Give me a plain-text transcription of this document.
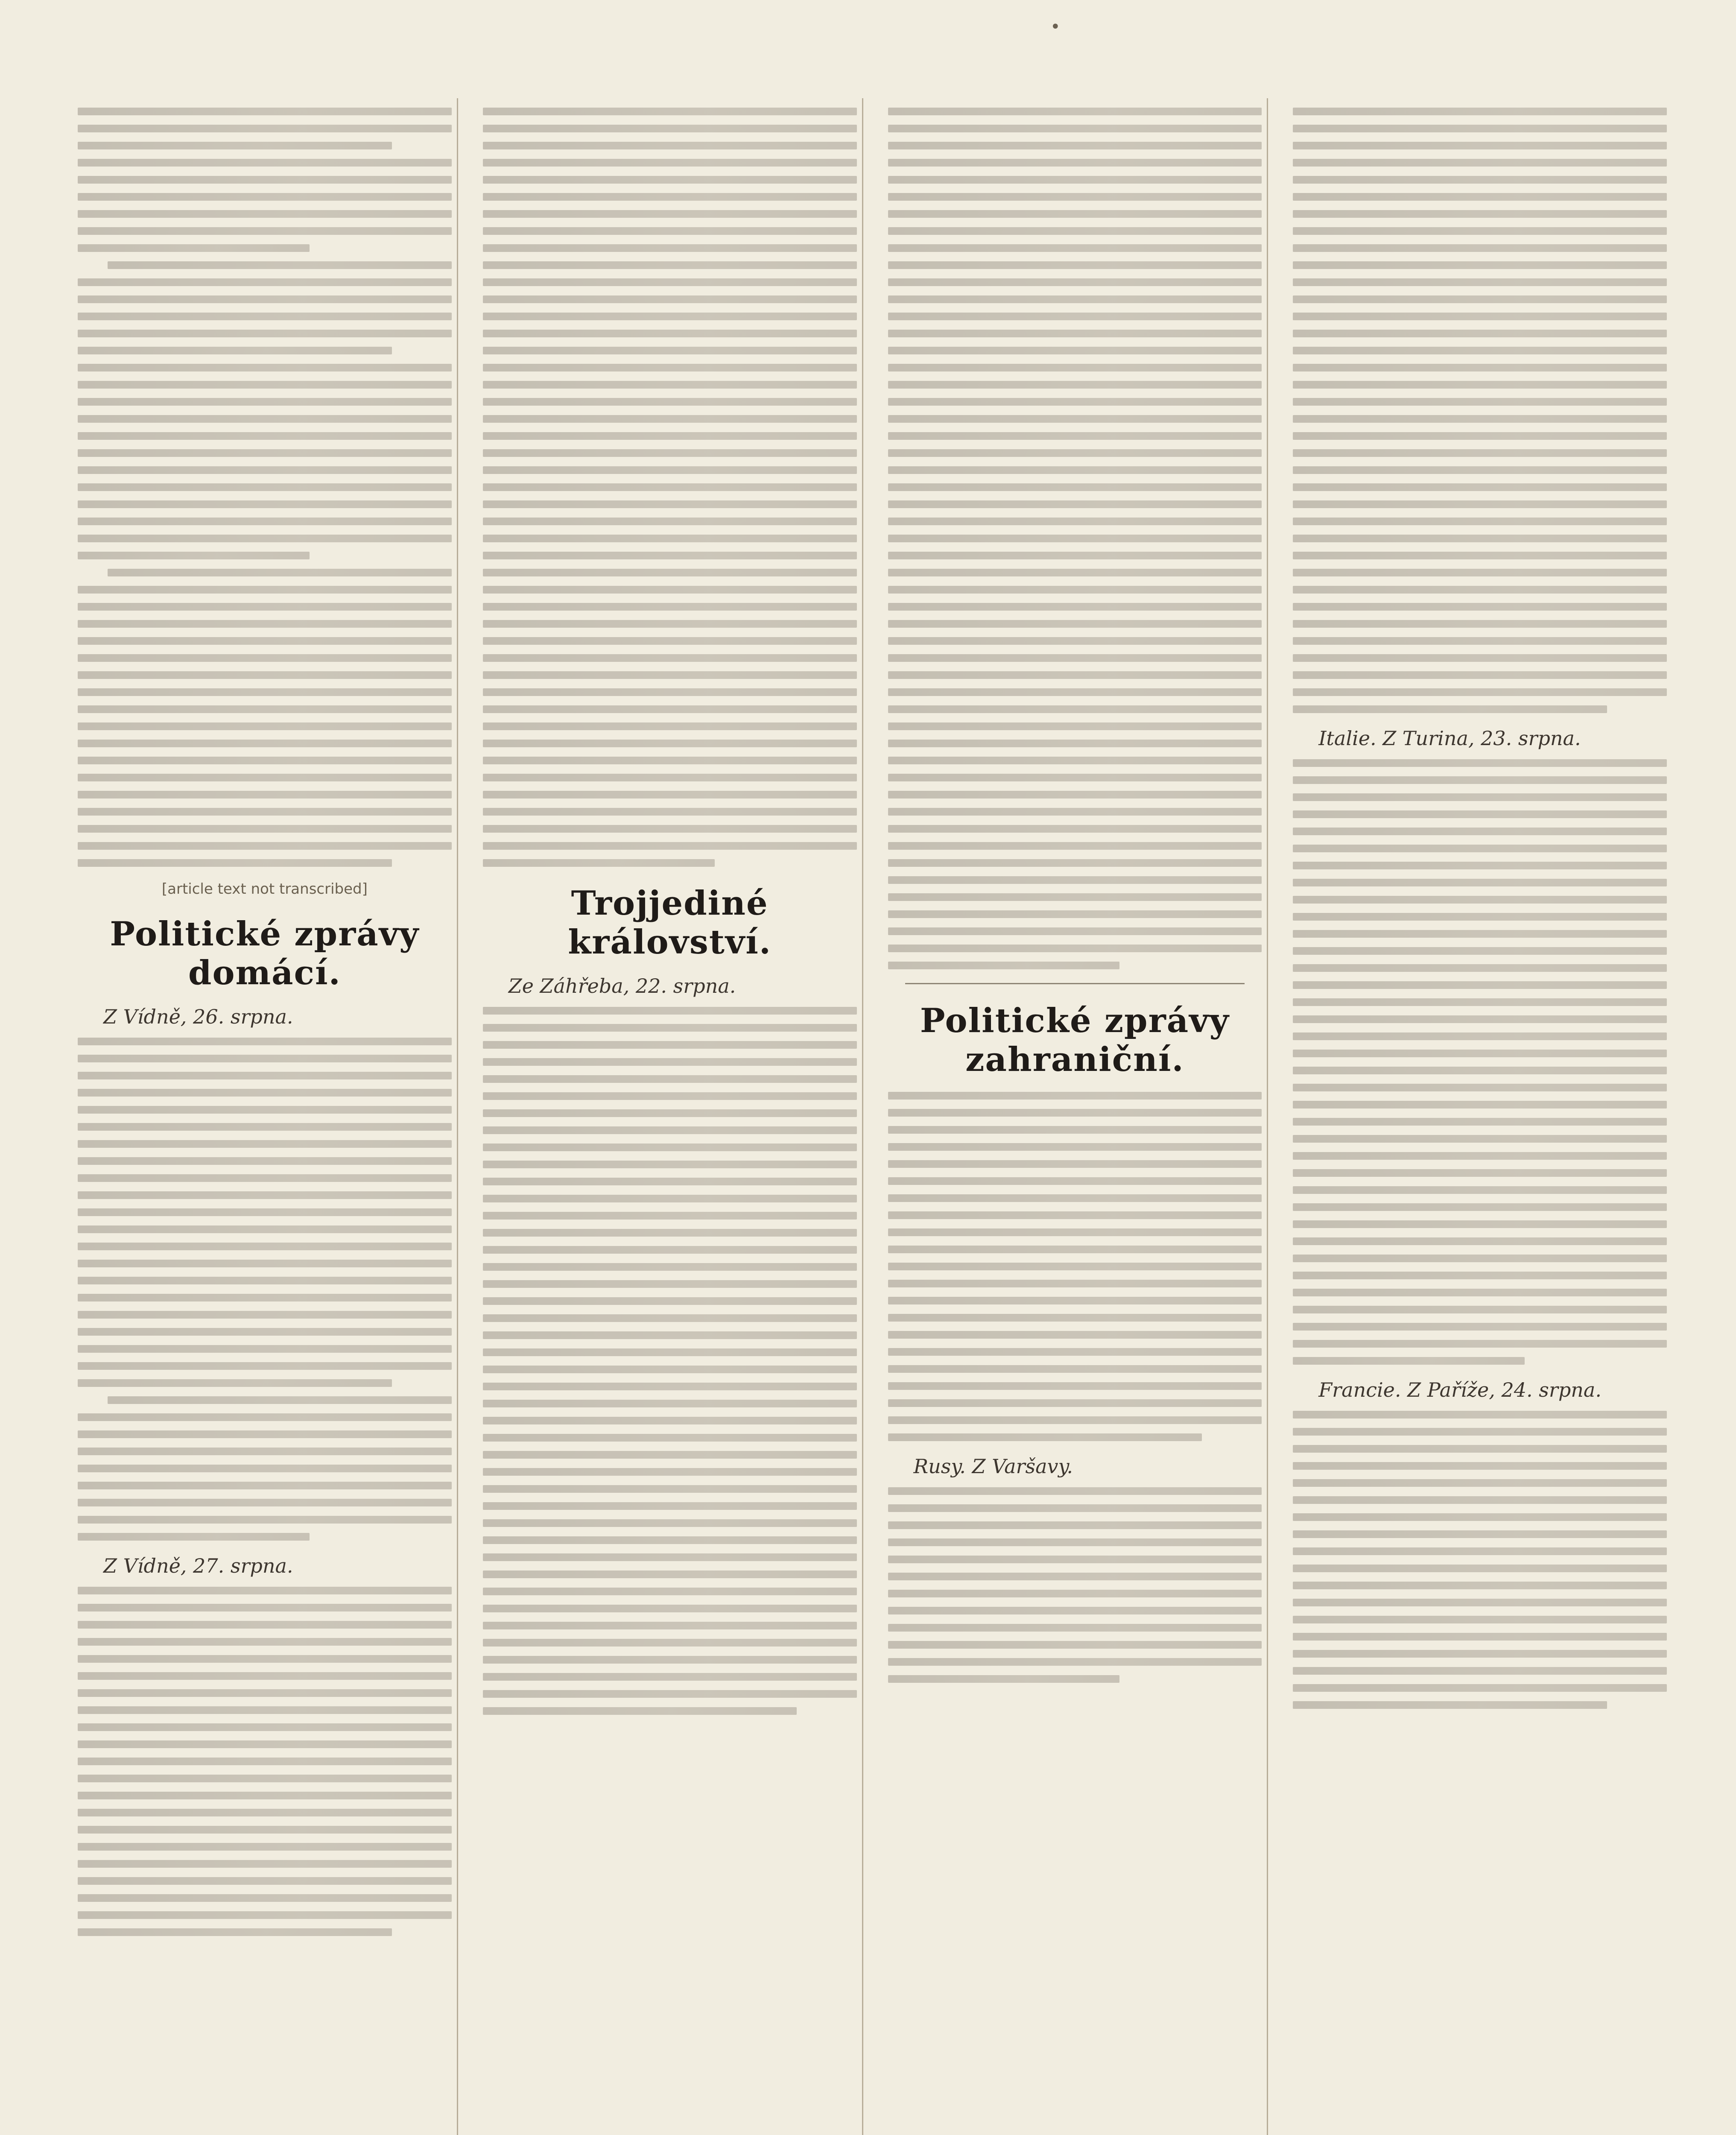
•
[article text not transcribed]
Politické zprávy domácí.
Z Vídně, 26. srpna.
Z Vídně, 27. srpna.
Trojjediné království.
Ze Záhřeba, 22. srpna.
Politické zprávy zahraniční.
Rusy. Z Varšavy.
Italie. Z Turina, 23. srpna.
Francie. Z Paříže, 24. srpna.
